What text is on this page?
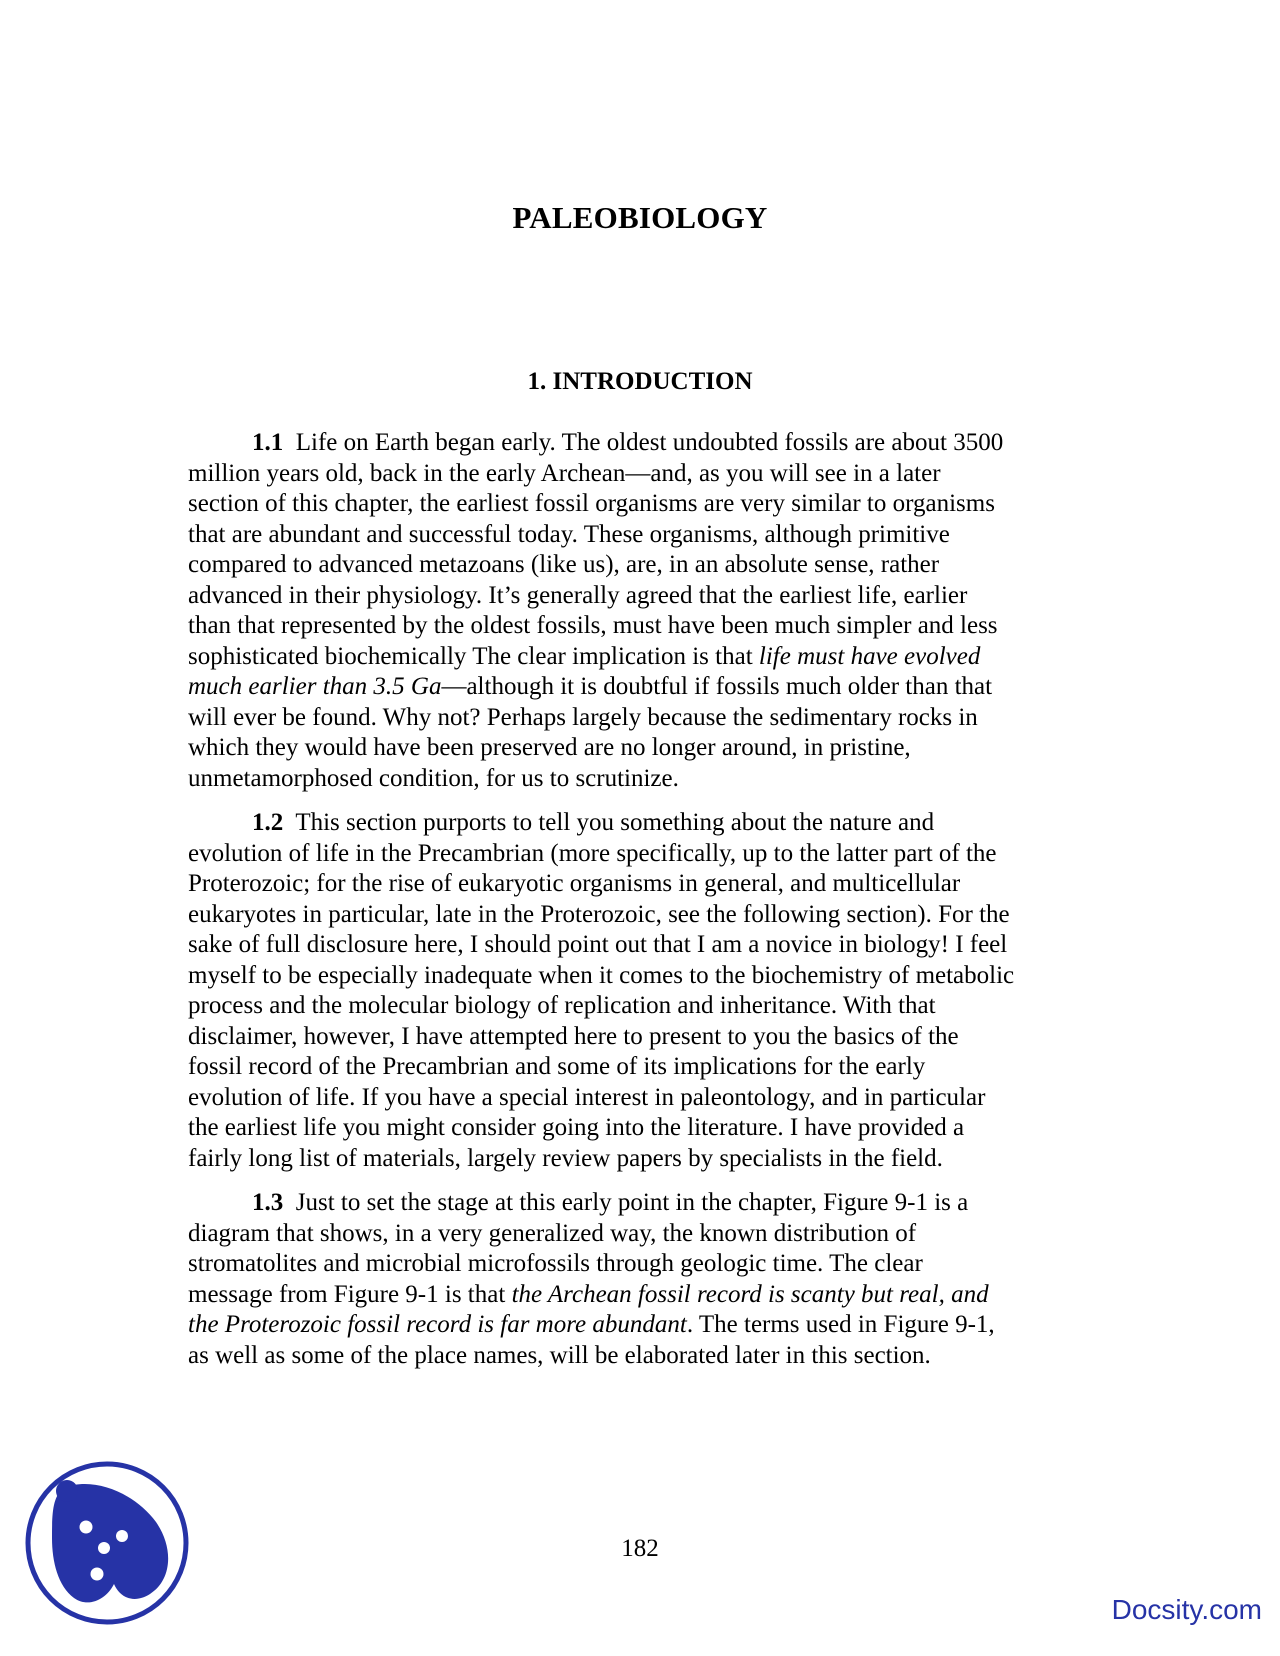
PALEOBIOLOGY
1. INTRODUCTION

1.1 Life on Earth began early. The oldest undoubted fossils are about 3500
million years old, back in the early Archean—and, as you will see in a later
section of this chapter, the earliest fossil organisms are very similar to organisms
that are abundant and successful today. These organisms, although primitive
compared to advanced metazoans (like us), are, in an absolute sense, rather
advanced in their physiology. It’s generally agreed that the earliest life, earlier
than that represented by the oldest fossils, must have been much simpler and less
sophisticated biochemically The clear implication is that life must have evolved
much earlier than 3.5 Ga—although it is doubtful if fossils much older than that
will ever be found. Why not? Perhaps largely because the sedimentary rocks in
which they would have been preserved are no longer around, in pristine,
unmetamorphosed condition, for us to scrutinize.

1.2 This section purports to tell you something about the nature and
evolution of life in the Precambrian (more specifically, up to the latter part of the
Proterozoic; for the rise of eukaryotic organisms in general, and multicellular
eukaryotes in particular, late in the Proterozoic, see the following section). For the
sake of full disclosure here, I should point out that I am a novice in biology! I feel
myself to be especially inadequate when it comes to the biochemistry of metabolic
process and the molecular biology of replication and inheritance. With that
disclaimer, however, I have attempted here to present to you the basics of the
fossil record of the Precambrian and some of its implications for the early
evolution of life. If you have a special interest in paleontology, and in particular
the earliest life you might consider going into the literature. I have provided a
fairly long list of materials, largely review papers by specialists in the field.

1.3 Just to set the stage at this early point in the chapter, Figure 9-1 is a
diagram that shows, in a very generalized way, the known distribution of
stromatolites and microbial microfossils through geologic time. The clear
message from Figure 9-1 is that the Archean fossil record is scanty but real, and
the Proterozoic fossil record is far more abundant. The terms used in Figure 9-1,
as well as some of the place names, will be elaborated later in this section.

182
Docsity.com
